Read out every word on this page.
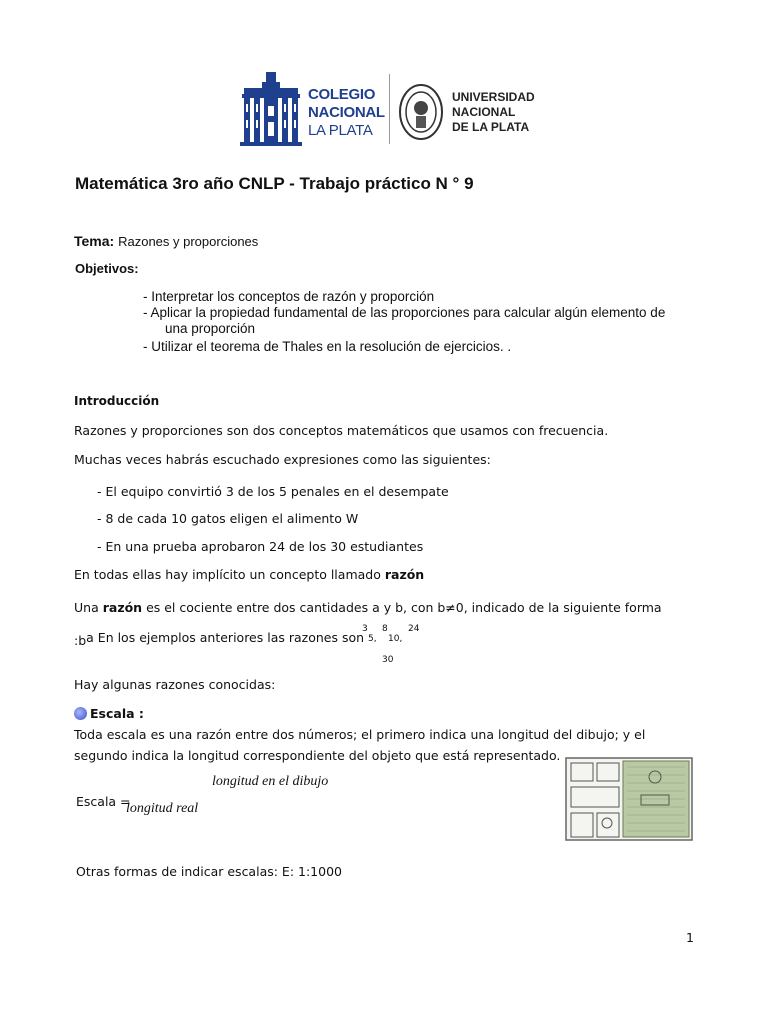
COLEGIO
NACIONAL
LA PLATA
UNIVERSIDAD
NACIONAL
DE LA PLATA
Matemática 3ro año CNLP - Trabajo práctico N ° 9
Tema: Razones y proporciones
Objetivos:
- Interpretar los conceptos de razón y proporción
- Aplicar la propiedad fundamental de las proporciones para calcular algún elemento de
una proporción
- Utilizar el teorema de Thales en la resolución de ejercicios. .
Introducción
Razones y proporciones son dos conceptos matemáticos que usamos con frecuencia.
Muchas veces habrás escuchado expresiones como las siguientes:
- El equipo convirtió 3 de los 5 penales en el desempate
- 8 de cada 10 gatos eligen el alimento W
- En una prueba aprobaron 24 de los 30 estudiantes
En todas ellas hay implícito un concepto llamado razón
Una razón es el cociente entre dos cantidades a y b, con b≠0, indicado de la siguiente forma
:ba En los ejemplos anteriores las razones son
3
5,
8
10,
24
30
Hay algunas razones conocidas:
Escala :
Toda escala es una razón entre dos números; el primero indica una longitud del dibujo; y el
segundo indica la longitud correspondiente del objeto que está representado.
longitud en el dibujo
Escala =
longitud real
Otras formas de indicar escalas: E: 1:1000
1
